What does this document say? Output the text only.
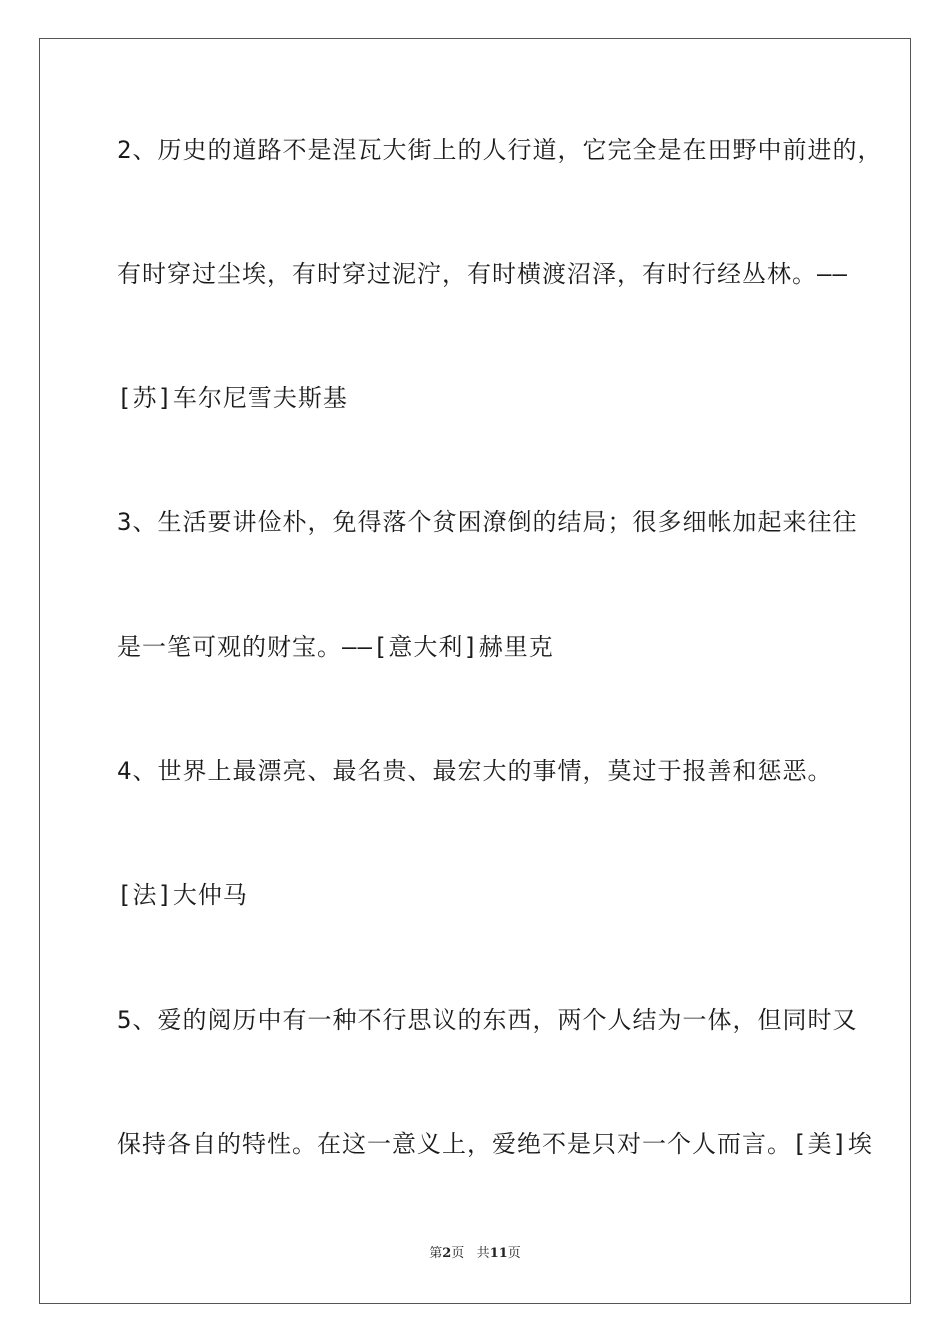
2、历史的道路不是涅瓦大街上的人行道，它完全是在田野中前进的，
有时穿过尘埃，有时穿过泥泞，有时横渡沼泽，有时行经丛林。——
[苏]车尔尼雪夫斯基
3、生活要讲俭朴，免得落个贫困潦倒的结局；很多细帐加起来往往
是一笔可观的财宝。——[意大利]赫里克
4、世界上最漂亮、最名贵、最宏大的事情，莫过于报善和惩恶。
[法]大仲马
5、爱的阅历中有一种不行思议的东西，两个人结为一体，但同时又
保持各自的特性。在这一意义上，爱绝不是只对一个人而言。[美]埃
第2页 共11页
